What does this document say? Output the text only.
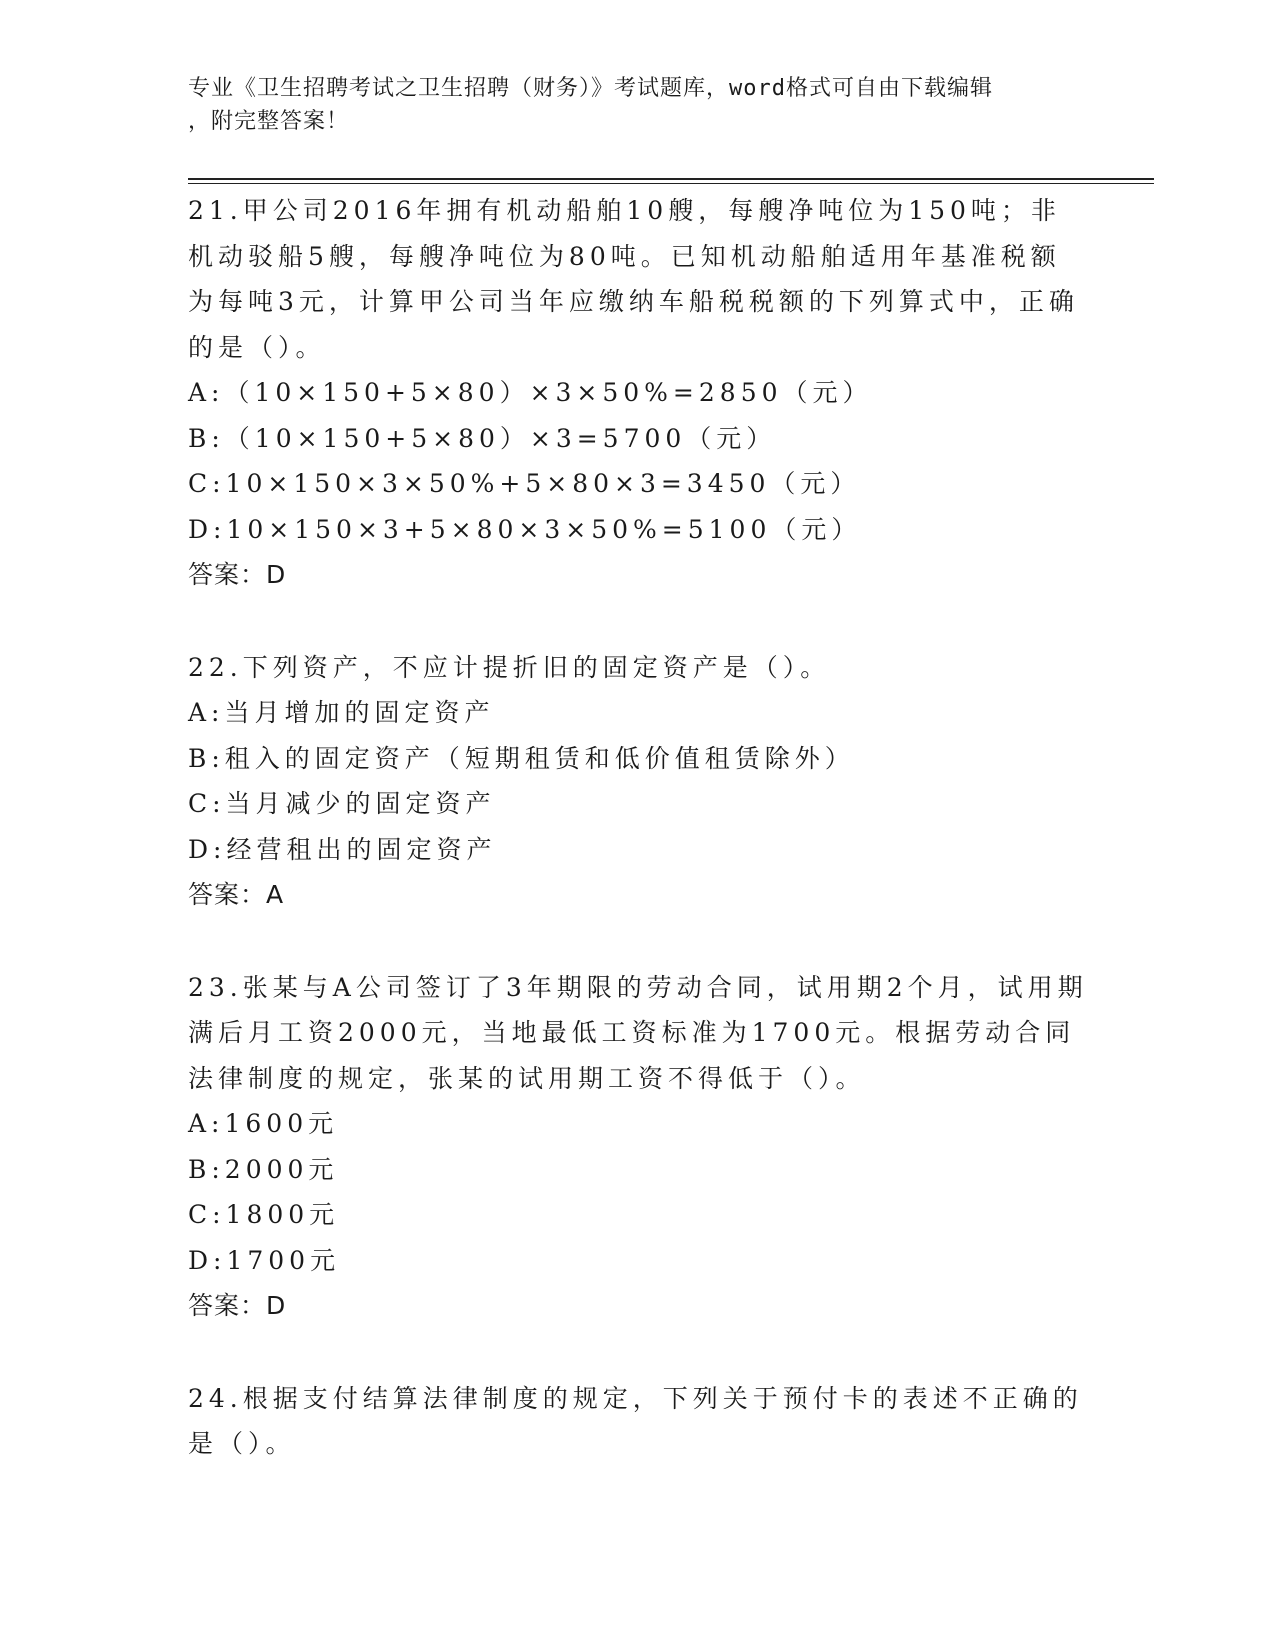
专业《卫生招聘考试之卫生招聘（财务）》考试题库，word格式可自由下载编辑
，附完整答案！
21.甲公司2016年拥有机动船舶10艘，每艘净吨位为150吨；非机动驳船5艘，每艘净吨位为80吨。已知机动船舶适用年基准税额为每吨3元，计算甲公司当年应缴纳车船税税额的下列算式中，正确的是（）。
A:（10×150+5×80）×3×50%=2850（元）
B:（10×150+5×80）×3=5700（元）
C:10×150×3×50%+5×80×3=3450（元）
D:10×150×3+5×80×3×50%=5100（元）
答案：D
22.下列资产，不应计提折旧的固定资产是（）。
A:当月增加的固定资产
B:租入的固定资产（短期租赁和低价值租赁除外）
C:当月减少的固定资产
D:经营租出的固定资产
答案：A
23.张某与A公司签订了3年期限的劳动合同，试用期2个月，试用期满后月工资2000元，当地最低工资标准为1700元。根据劳动合同法律制度的规定，张某的试用期工资不得低于（）。
A:1600元
B:2000元
C:1800元
D:1700元
答案：D
24.根据支付结算法律制度的规定，下列关于预付卡的表述不正确的是（）。
